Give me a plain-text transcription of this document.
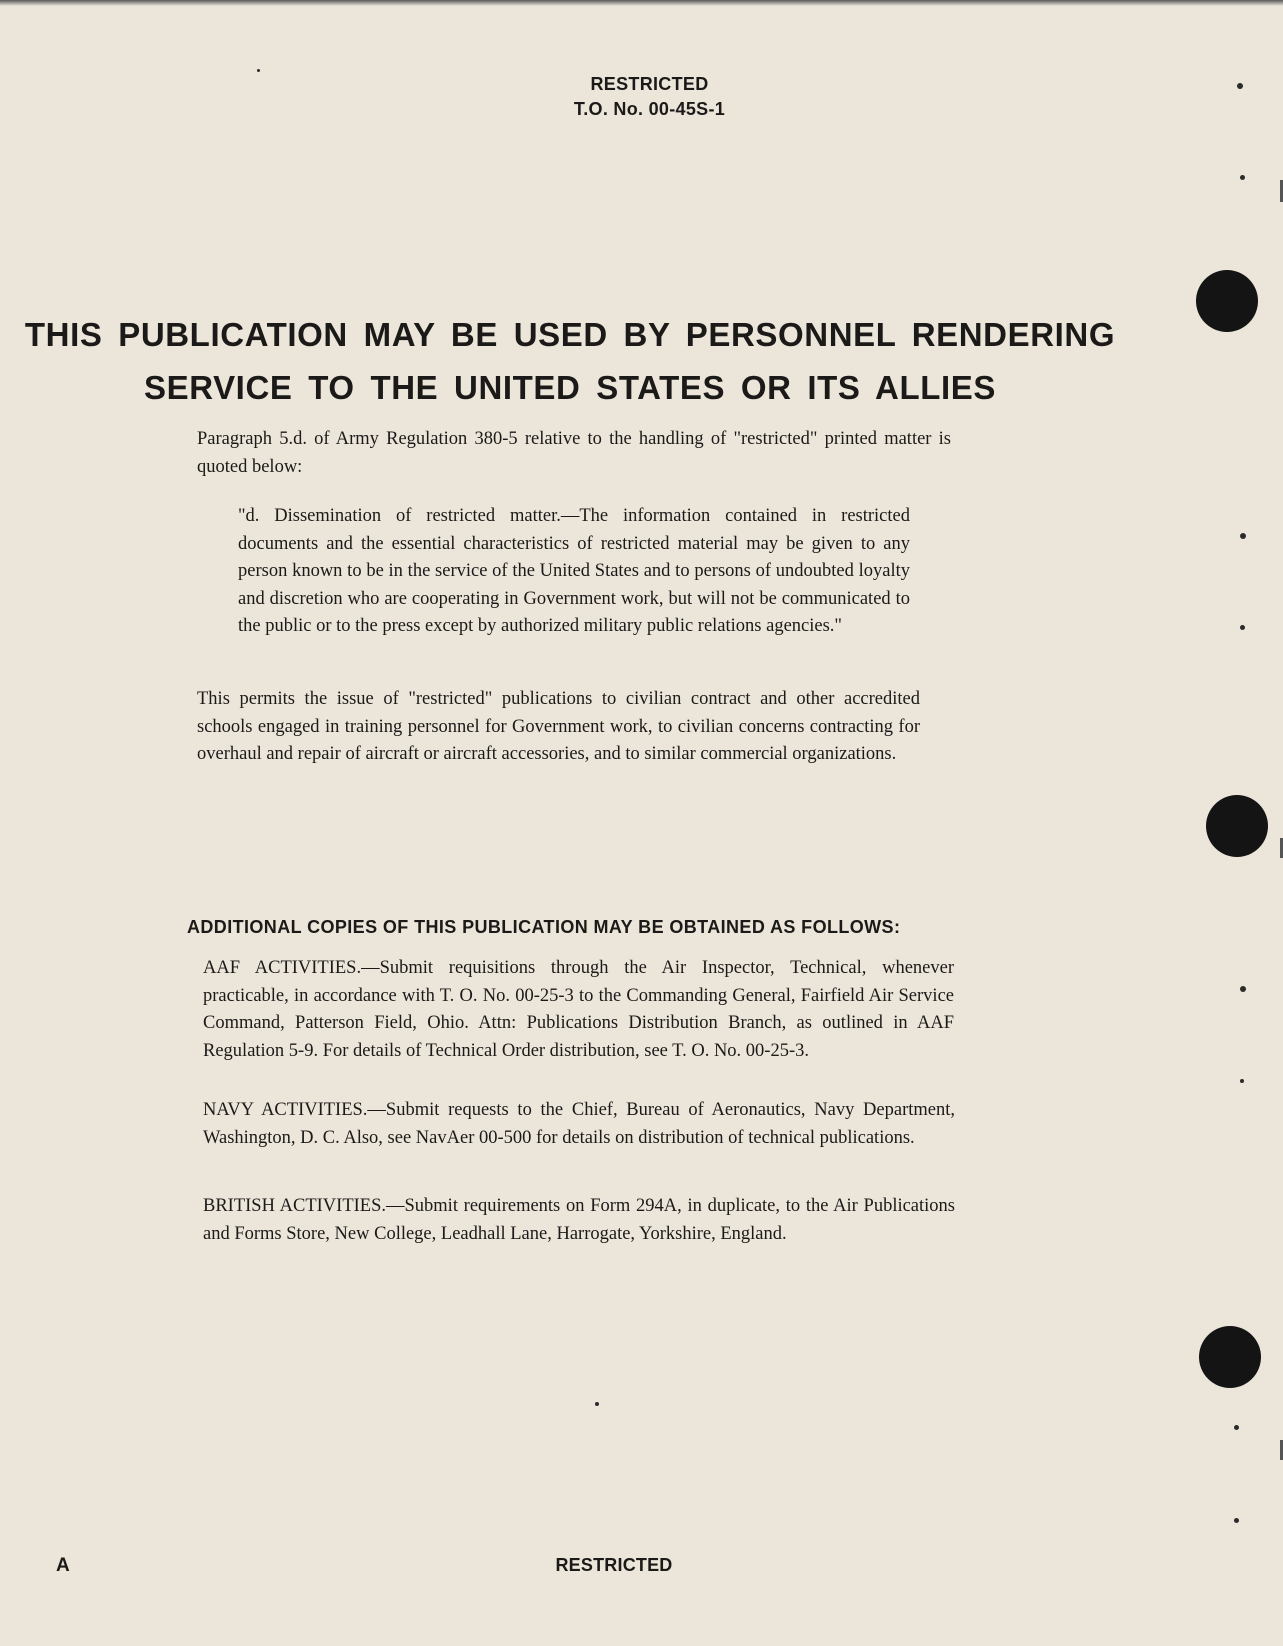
RESTRICTED
T.O. No. 00-45S-1
THIS PUBLICATION MAY BE USED BY PERSONNEL RENDERING
SERVICE TO THE UNITED STATES OR ITS ALLIES
Paragraph 5.d. of Army Regulation 380-5 relative to the handling of "restricted" printed matter is quoted below:
"d. Dissemination of restricted matter.—The information contained in restricted documents and the essential characteristics of restricted material may be given to any person known to be in the service of the United States and to persons of undoubted loyalty and discretion who are cooperating in Government work, but will not be communicated to the public or to the press except by authorized military public relations agencies."
This permits the issue of "restricted" publications to civilian contract and other accredited schools engaged in training personnel for Government work, to civilian concerns contracting for overhaul and repair of aircraft or aircraft accessories, and to similar commercial organizations.
ADDITIONAL COPIES OF THIS PUBLICATION MAY BE OBTAINED AS FOLLOWS:
AAF ACTIVITIES.—Submit requisitions through the Air Inspector, Technical, whenever practicable, in accordance with T. O. No. 00-25-3 to the Commanding General, Fairfield Air Service Command, Patterson Field, Ohio. Attn: Publications Distribution Branch, as outlined in AAF Regulation 5-9. For details of Technical Order distribution, see T. O. No. 00-25-3.
NAVY ACTIVITIES.—Submit requests to the Chief, Bureau of Aeronautics, Navy Department, Washington, D. C. Also, see NavAer 00-500 for details on distribution of technical publications.
BRITISH ACTIVITIES.—Submit requirements on Form 294A, in duplicate, to the Air Publications and Forms Store, New College, Leadhall Lane, Harrogate, Yorkshire, England.
A	RESTRICTED
